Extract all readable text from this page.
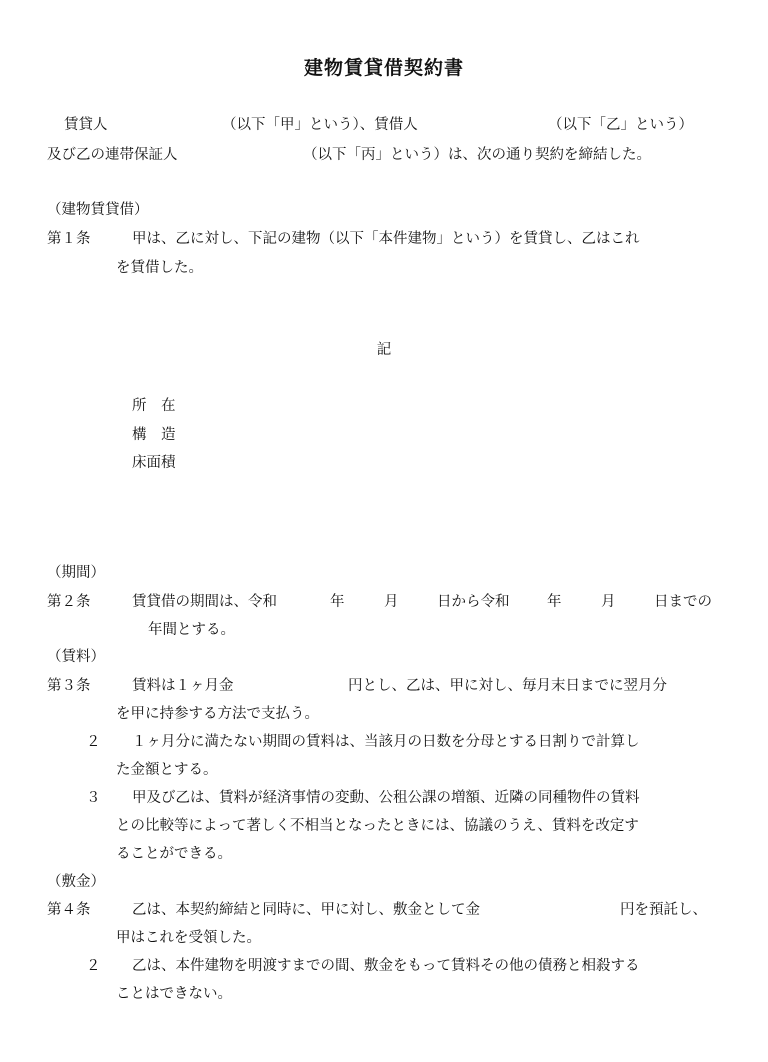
建物賃貸借契約書
賃貸人	（以下「甲」という）、賃借人	（以下「乙」という）
及び乙の連帯保証人	（以下「丙」という）は、次の通り契約を締結した。
（建物賃貸借）
第１条	甲は、乙に対し、下記の建物（以下「本件建物」という）を賃貸し、乙はこれ
を賃借した。
記
所　在
構　造
床面積
（期間）
第２条	賃貸借の期間は、令和	年	月	日から令和	年	月	日までの
年間とする。
（賃料）
第３条	賃料は１ヶ月金	円とし、乙は、甲に対し、毎月末日までに翌月分
を甲に持参する方法で支払う。
２ １ヶ月分に満たない期間の賃料は、当該月の日数を分母とする日割りで計算し
た金額とする。
３ 甲及び乙は、賃料が経済事情の変動、公租公課の増額、近隣の同種物件の賃料
との比較等によって著しく不相当となったときには、協議のうえ、賃料を改定す
ることができる。
（敷金）
第４条	乙は、本契約締結と同時に、甲に対し、敷金として金	円を預託し、
甲はこれを受領した。
２ 乙は、本件建物を明渡すまでの間、敷金をもって賃料その他の債務と相殺する
ことはできない。
